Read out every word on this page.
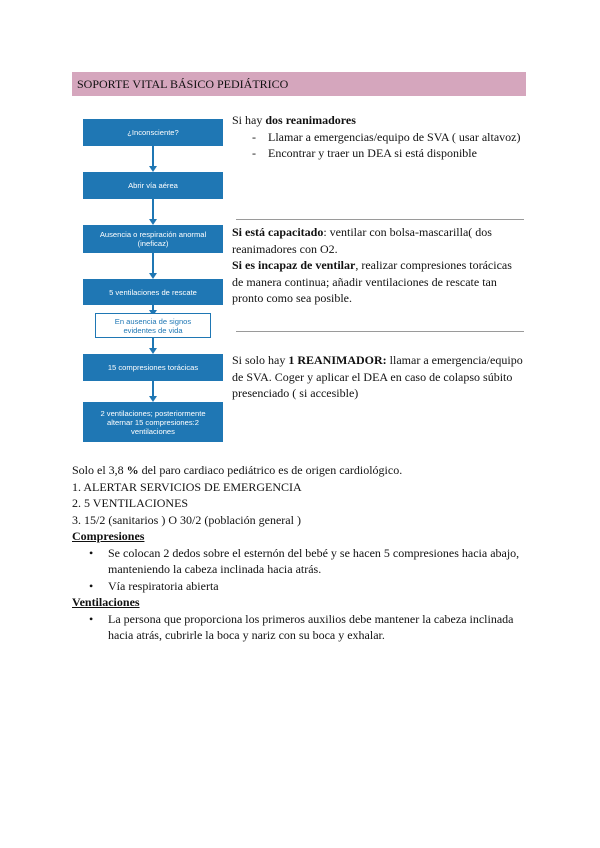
SOPORTE VITAL BÁSICO PEDIÁTRICO
¿Inconsciente?
Abrir vía aérea
Ausencia o respiración anormal (ineficaz)
5 ventilaciones de rescate
En ausencia de signos evidentes de vida
15 compresiones torácicas
2 ventilaciones; posteriormente alternar 15 compresiones:2 ventilaciones

Si hay dos reanimadores

- Llamar a emergencias/equipo de SVA ( usar altavoz)
- Encontrar y traer un DEA si está disponible

Si está capacitado: ventilar con bolsa-mascarilla( dos reanimadores con O2.

Si es incapaz de ventilar, realizar compresiones torácicas de manera continua; añadir ventilaciones de rescate tan pronto como sea posible.

Si solo hay 1 REANIMADOR: llamar a emergencia/equipo de SVA. Coger y aplicar el DEA en caso de colapso súbito presenciado ( si accesible)

Solo el 3,8 % del paro cardiaco pediátrico es de origen cardiológico.

1. ALERTAR SERVICIOS DE EMERGENCIA

2. 5 VENTILACIONES

3. 15/2 (sanitarios ) O 30/2 (población general )

Compresiones

• Se colocan 2 dedos sobre el esternón del bebé y se hacen 5 compresiones hacia abajo, manteniendo la cabeza inclinada hacia atrás.
• Vía respiratoria abierta

Ventilaciones

• La persona que proporciona los primeros auxilios debe mantener la cabeza inclinada hacia atrás, cubrirle la boca y nariz con su boca y exhalar.
